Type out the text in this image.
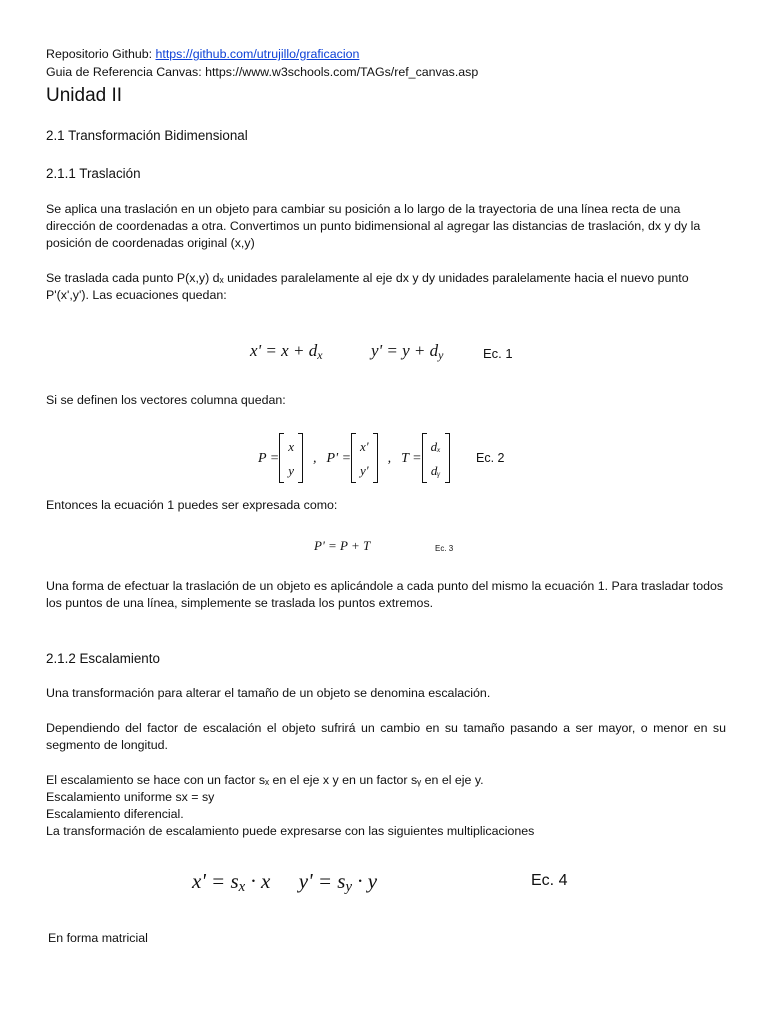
Repositorio Github: https://github.com/utrujillo/graficacion
Guia de Referencia Canvas: https://www.w3schools.com/TAGs/ref_canvas.asp
Unidad II
2.1 Transformación Bidimensional
2.1.1 Traslación
Se aplica una traslación en un objeto para cambiar su posición a lo largo de la trayectoria de una línea recta de una dirección de coordenadas a otra. Convertimos un punto bidimensional al agregar las distancias de traslación, dx y dy la posición de coordenadas original (x,y)
Se traslada cada punto P(x,y) dₓ unidades paralelamente al eje dx y dy unidades paralelamente hacia el nuevo punto P'(x',y'). Las ecuaciones quedan:
$x' = x + d_x$	$y' = y + d_y$	Ec. 1
Si se definen los vectores columna quedan:
P =
x
y
, P' =
x'
y'
, T =
dₓ
dᵧ
Ec. 2
Entonces la ecuación 1 puedes ser expresada como:
P' = P + T	Ec. 3
Una forma de efectuar la traslación de un objeto es aplicándole a cada punto del mismo la ecuación 1. Para trasladar todos los puntos de una línea, simplemente se traslada los puntos extremos.
2.1.2 Escalamiento
Una transformación para alterar el tamaño de un objeto se denomina escalación.
Dependiendo del factor de escalación el objeto sufrirá un cambio en su tamaño pasando a ser mayor, o menor en su segmento de longitud.
El escalamiento se hace con un factor sₓ en el eje x y en un factor sᵧ en el eje y.
Escalamiento uniforme sx = sy
Escalamiento diferencial.
La transformación de escalamiento puede expresarse con las siguientes multiplicaciones
$x' = s_x \cdot x$ $y' = s_y \cdot y$	Ec. 4
En forma matricial
